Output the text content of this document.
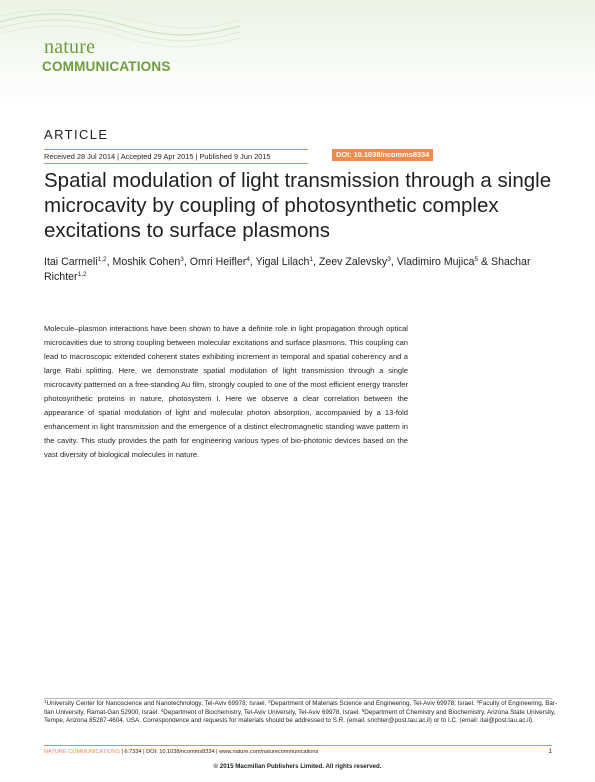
nature
COMMUNICATIONS
ARTICLE
Received 28 Jul 2014 | Accepted 29 Apr 2015 | Published 9 Jun 2015	DOI: 10.1038/ncomms8334
Spatial modulation of light transmission through a single microcavity by coupling of photosynthetic complex excitations to surface plasmons
Itai Carmeli$^{1,2}$, Moshik Cohen$^3$, Omri Heifler$^4$, Yigal Lilach$^1$, Zeev Zalevsky$^3$, Vladimiro Mujica$^5$ & Shachar Richter$^{1,2}$
Molecule–plasmon interactions have been shown to have a definite role in light propagation through optical microcavities due to strong coupling between molecular excitations and surface plasmons. This coupling can lead to macroscopic extended coherent states exhibiting increment in temporal and spatial coherency and a large Rabi splitting. Here, we demonstrate spatial modulation of light transmission through a single microcavity patterned on a free-standing Au film, strongly coupled to one of the most efficient energy transfer photosynthetic proteins in nature, photosystem I. Here we observe a clear correlation between the appearance of spatial modulation of light and molecular photon absorption, accompanied by a 13-fold enhancement in light transmission and the emergence of a distinct electromagnetic standing wave pattern in the cavity. This study provides the path for engineering various types of bio-photonic devices based on the vast diversity of biological molecules in nature.
$^1$University Center for Nanoscience and Nanotechnology, Tel-Aviv 69978, Israel. $^2$Department of Materials Science and Engineering, Tel-Aviv 69978, Israel. $^3$Faculty of Engineering, Bar-Ilan University, Ramat-Gan 52900, Israel. $^4$Department of Biochemistry, Tel-Aviv University, Tel-Aviv 69978, Israel. $^5$Department of Chemistry and Biochemistry, Arizona State University, Tempe, Arizona 85287-4604, USA. Correspondence and requests for materials should be addressed to S.R. (email: srichter@post.tau.ac.il) or to I.C. (email: itai@post.tau.ac.il).
NATURE COMMUNICATIONS | 6:7334 | DOI: 10.1038/ncomms8334 | www.nature.com/naturecommunications	1
© 2015 Macmillan Publishers Limited. All rights reserved.
